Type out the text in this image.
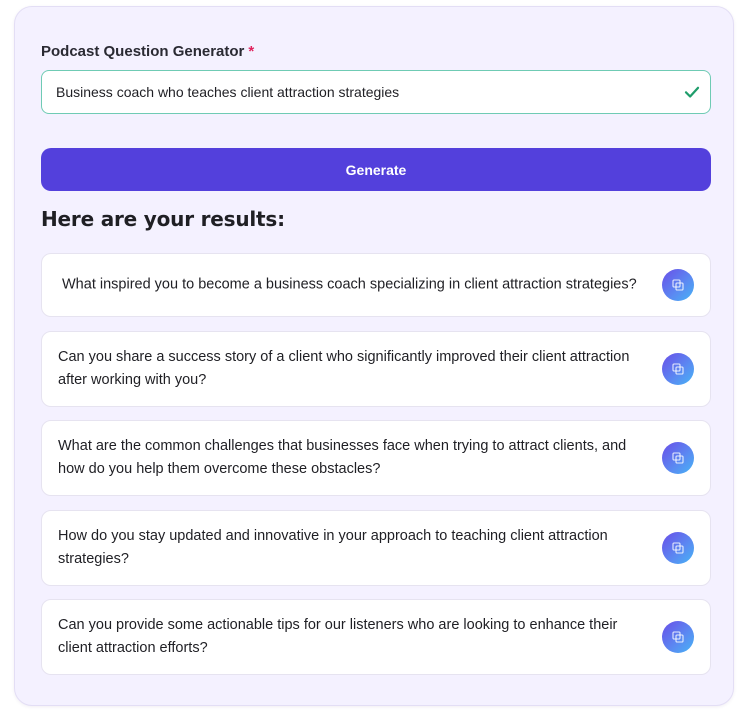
Podcast Question Generator *
Business coach who teaches client attraction strategies
Generate
Here are your results:
What inspired you to become a business coach specializing in client attraction strategies?
Can you share a success story of a client who significantly improved their client attraction after working with you?
What are the common challenges that businesses face when trying to attract clients, and how do you help them overcome these obstacles?
How do you stay updated and innovative in your approach to teaching client attraction strategies?
Can you provide some actionable tips for our listeners who are looking to enhance their client attraction efforts?
